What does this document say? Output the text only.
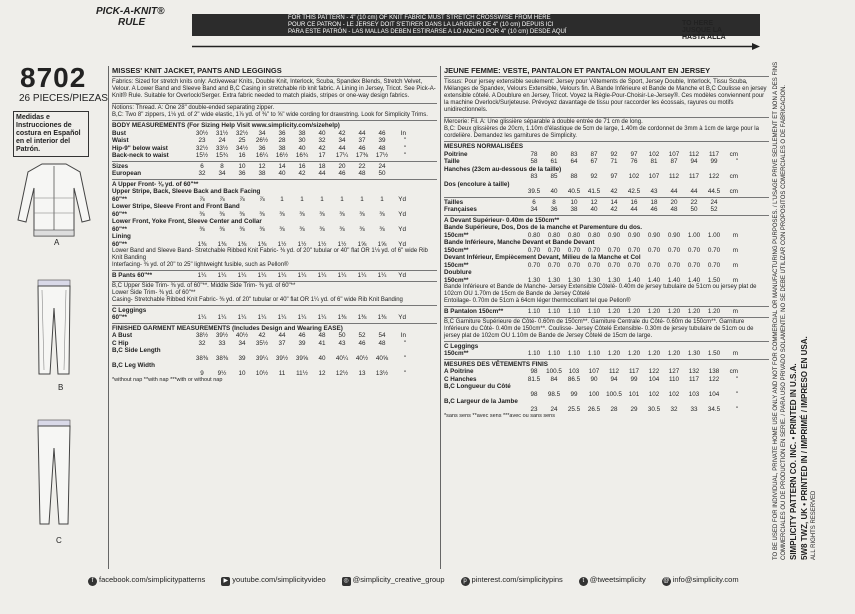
PICK-A-KNIT®
RULE	FOR THIS PATTERN - 4" (10 cm) OF KNIT FABRIC MUST STRETCH CROSSWISE FROM HERE
POUR CE PATRON - LE JERSEY DOIT S'ETIRER DANS LA LARGEUR DE 4" (10 cm) DEPUIS ICI
PARA ESTE PATRÓN - LAS MALLAS DEBEN ESTIRARSE A LO ANCHO POR 4" (10 cm) DESDE AQUÍ
TO HERE
JUSQUE LA
HASTA ALLÁ
8702
26 PIECES/PIEZAS
Medidas e Instrucciones de costura en Español en el interior del Patrón.
A
B
C
MISSES' KNIT JACKET, PANTS AND LEGGINGS
Fabrics: Sized for stretch knits only: Activewear Knits, Double Knit, Interlock, Scuba, Spandex Blends, Stretch Velvet, Velour. A Lower Band and Sleeve Band and B,C Casing in stretchable rib knit fabric. A Lining in Jersey, Tricot. See Pick-A-Knit® Rule. Suitable for Overlock/Serger. Extra fabric needed to match plaids, stripes or one-way design fabrics.
Notions: Thread. A: One 28" double-ended separating zipper.
B,C: Two 8" zippers, 1⅛ yd. of 2" wide elastic, 1⅞ yd. of ⅜" to ⅝" wide cording for drawstring. Look for Simplicity Trims.
BODY MEASUREMENTS (For Sizing Help Visit www.simplicity.com/sizehelp)
Bust	30½	31½	32½	34	36	38	40	42	44	46	In
Waist	23	24	25	26½	28	30	32	34	37	39	"
Hip-9" below waist	32½	33½	34½	36	38	40	42	44	46	48	"
Back-neck to waist	15½	15¾	16	16¼	16½	16¾	17	17¼	17⅜	17½	"
Sizes	6	8	10	12	14	16	18	20	22	24
European	32	34	36	38	40	42	44	46	48	50
A Upper Front- ⅜ yd. of 60"**
Upper Stripe, Back, Sleeve Back and Back Facing
60"**	⅞	⅞	⅞	⅞	1	1	1	1	1	1	Yd
Lower Stripe, Sleeve Front and Front Band
60"**	⅜	⅜	⅜	⅜	⅜	⅜	⅜	⅜	⅜	⅜	Yd
Lower Front, Yoke Front, Sleeve Center and Collar
60"**	⅜	⅜	⅜	⅜	⅜	⅜	⅜	⅜	⅜	⅜	Yd
Lining
60"**	1⅜	1⅜	1⅜	1⅜	1½	1½	1½	1½	1⅝	1⅝	Yd
Lower Band and Sleeve Band- Stretchable Ribbed Knit Fabric- ⅜ yd. of 20" tubular or 40" flat OR 1⅛ yd. of 6" wide Rib Knit Banding
Interfacing- ⅜ yd. of 20" to 25" lightweight fusible, such as Pellon®
B Pants 60"**	1¼	1¼	1¼	1¼	1¼	1¼	1¼	1¼	1¼	1¼	Yd
B,C Upper Side Trim- ⅜ yd. of 60"**. Middle Side Trim- ⅜ yd. of 60"**
Lower Side Trim- ⅜ yd. of 60"**
Casing- Stretchable Ribbed Knit Fabric- ⅜ yd. of 20" tubular or 40" flat OR 1¼ yd. of 6" wide Rib Knit Banding
C Leggings
60"**	1¼	1¼	1¼	1¼	1¼	1¼	1¼	1⅜	1⅜	1⅜	Yd
FINISHED GARMENT MEASUREMENTS (Includes Design and Wearing EASE)
A Bust	38½	39½	40½	42	44	46	48	50	52	54	In
C Hip	32	33	34	35½	37	39	41	43	46	48	"
B,C Side Length
38⅜	38⅜	39	39¼	39½	39⅝	40	40¼	40½	40⅝	"
B,C Leg Width
9	9½	10	10½	11	11½	12	12½	13	13½	"
*without nap **with nap ***with or without nap
JEUNE FEMME: VESTE, PANTALON ET PANTALON MOULANT EN JERSEY
Tissus: Pour jersey extensible seulement: Jersey pour Vêtements de Sport, Jersey Double, Interlock, Tissu Scuba, Mélanges de Spandex, Velours Extensible, Velours fin. A Bande Inférieure et Bande de Manche et B,C Coulisse en jersey extensible côtelé. A Doublure en Jersey, Tricot. Voyez la Règle-Pour-Choisir-Le-Jersey®. Ces modèles conviennent pour la machine Overlock/Surjeteuse. Prévoyez davantage de tissu pour raccorder les écossais, rayures ou motifs unidirectionnels.
Mercerie: Fil. A: Une glissière séparable à double entrée de 71 cm de long.
B,C: Deux glissières de 20cm, 1.10m d'élastique de 5cm de large, 1.40m de cordonnet de 3mm à 1cm de large pour la cordelière. Demandez les garnitures de Simplicity.
MESURES NORMALISÉES
Poitrine	78	80	83	87	92	97	102	107	112	117	cm
Taille	58	61	64	67	71	76	81	87	94	99	"
Hanches (23cm au-dessous de la taille)
83	85	88	92	97	102	107	112	117	122	cm
Dos (encolure à taille)
39.5	40	40.5	41.5	42	42.5	43	44	44	44.5	cm
Tailles	6	8	10	12	14	16	18	20	22	24
Françaises	34	36	38	40	42	44	46	48	50	52
A Devant Supérieur- 0.40m de 150cm**
Bande Supérieure, Dos, Dos de la manche et Parementure du dos.
150cm**	0.80	0.80	0.80	0.80	0.90	0.90	0.90	0.90	1.00	1.00	m
Bande Inférieure, Manche Devant et Bande Devant
150cm**	0.70	0.70	0.70	0.70	0.70	0.70	0.70	0.70	0.70	0.70	m
Devant Inférieur, Empiècement Devant, Milieu de la Manche et Col
150cm**	0.70	0.70	0.70	0.70	0.70	0.70	0.70	0.70	0.70	0.70	m
Doublure
150cm**	1.30	1.30	1.30	1.30	1.30	1.40	1.40	1.40	1.40	1.50	m
Bande Inférieure et Bande de Manche- Jersey Extensible Côtelé- 0.40m de jersey tubulaire de 51cm ou jersey plat de 102cm OU 1.70m de 15cm de Bande de Jersey Côtelé
Entoilage- 0.70m de 51cm à 64cm léger thermocollant tel que Pellon®
B Pantalon 150cm**	1.10	1.10	1.10	1.10	1.20	1.20	1.20	1.20	1.20	1.20	m
B,C Garniture Supérieure de Côté- 0.60m de 150cm**. Garniture Centrale du Côté- 0.60m de 150cm**. Garniture Inférieure du Côté- 0.40m de 150cm**. Coulisse- Jersey Côtelé Extensible- 0.30m de jersey tubulaire de 51cm ou de jersey plat de 102cm OU 1.10m de Bande de Jersey Côtelé de 15cm de large.
C Leggings
150cm**	1.10	1.10	1.10	1.10	1.20	1.20	1.20	1.20	1.30	1.50	m
MESURES DES VÊTEMENTS FINIS
A Poitrine	98	100.5	103	107	112	117	122	127	132	138	cm
C Hanches	81.5	84	86.5	90	94	99	104	110	117	122	"
B,C Longueur du Côté
98	98.5	99	100	100.5	101	102	102	103	104	"
B,C Largeur de la Jambe
23	24	25.5	26.5	28	29	30.5	32	33	34.5	"
*sans sens **avec sens ***avec ou sans sens	TO BE USED FOR INDIVIDUAL, PRIVATE HOME USE ONLY AND NOT FOR COMMERCIAL OR MANUFACTURING PURPOSES. / L'USAGE PRIVE SEULEMENT ET NON A DES FINS COMMERCIALES OU DE PRODUCTION EN SERIE. / PARA USO PRIVADO SOLAMENTE. NO SE DEBE UTILIZAR CON PROPOSITOS COMERCIALES O DE FABRICACION. SIMPLICITY PATTERN CO. INC. • PRINTED IN U.S.A. 5W8 TWZ, UK • PRINTED IN / IMPRIMÉ / IMPRESO EN USA. ALL RIGHTS RESERVED
f facebook.com/simplicitypatterns	▶ youtube.com/simplicityvideo	◎ @simplicity_creative_group	p pinterest.com/simplicitypins	t @tweetsimplicity	@ info@simplicity.com
